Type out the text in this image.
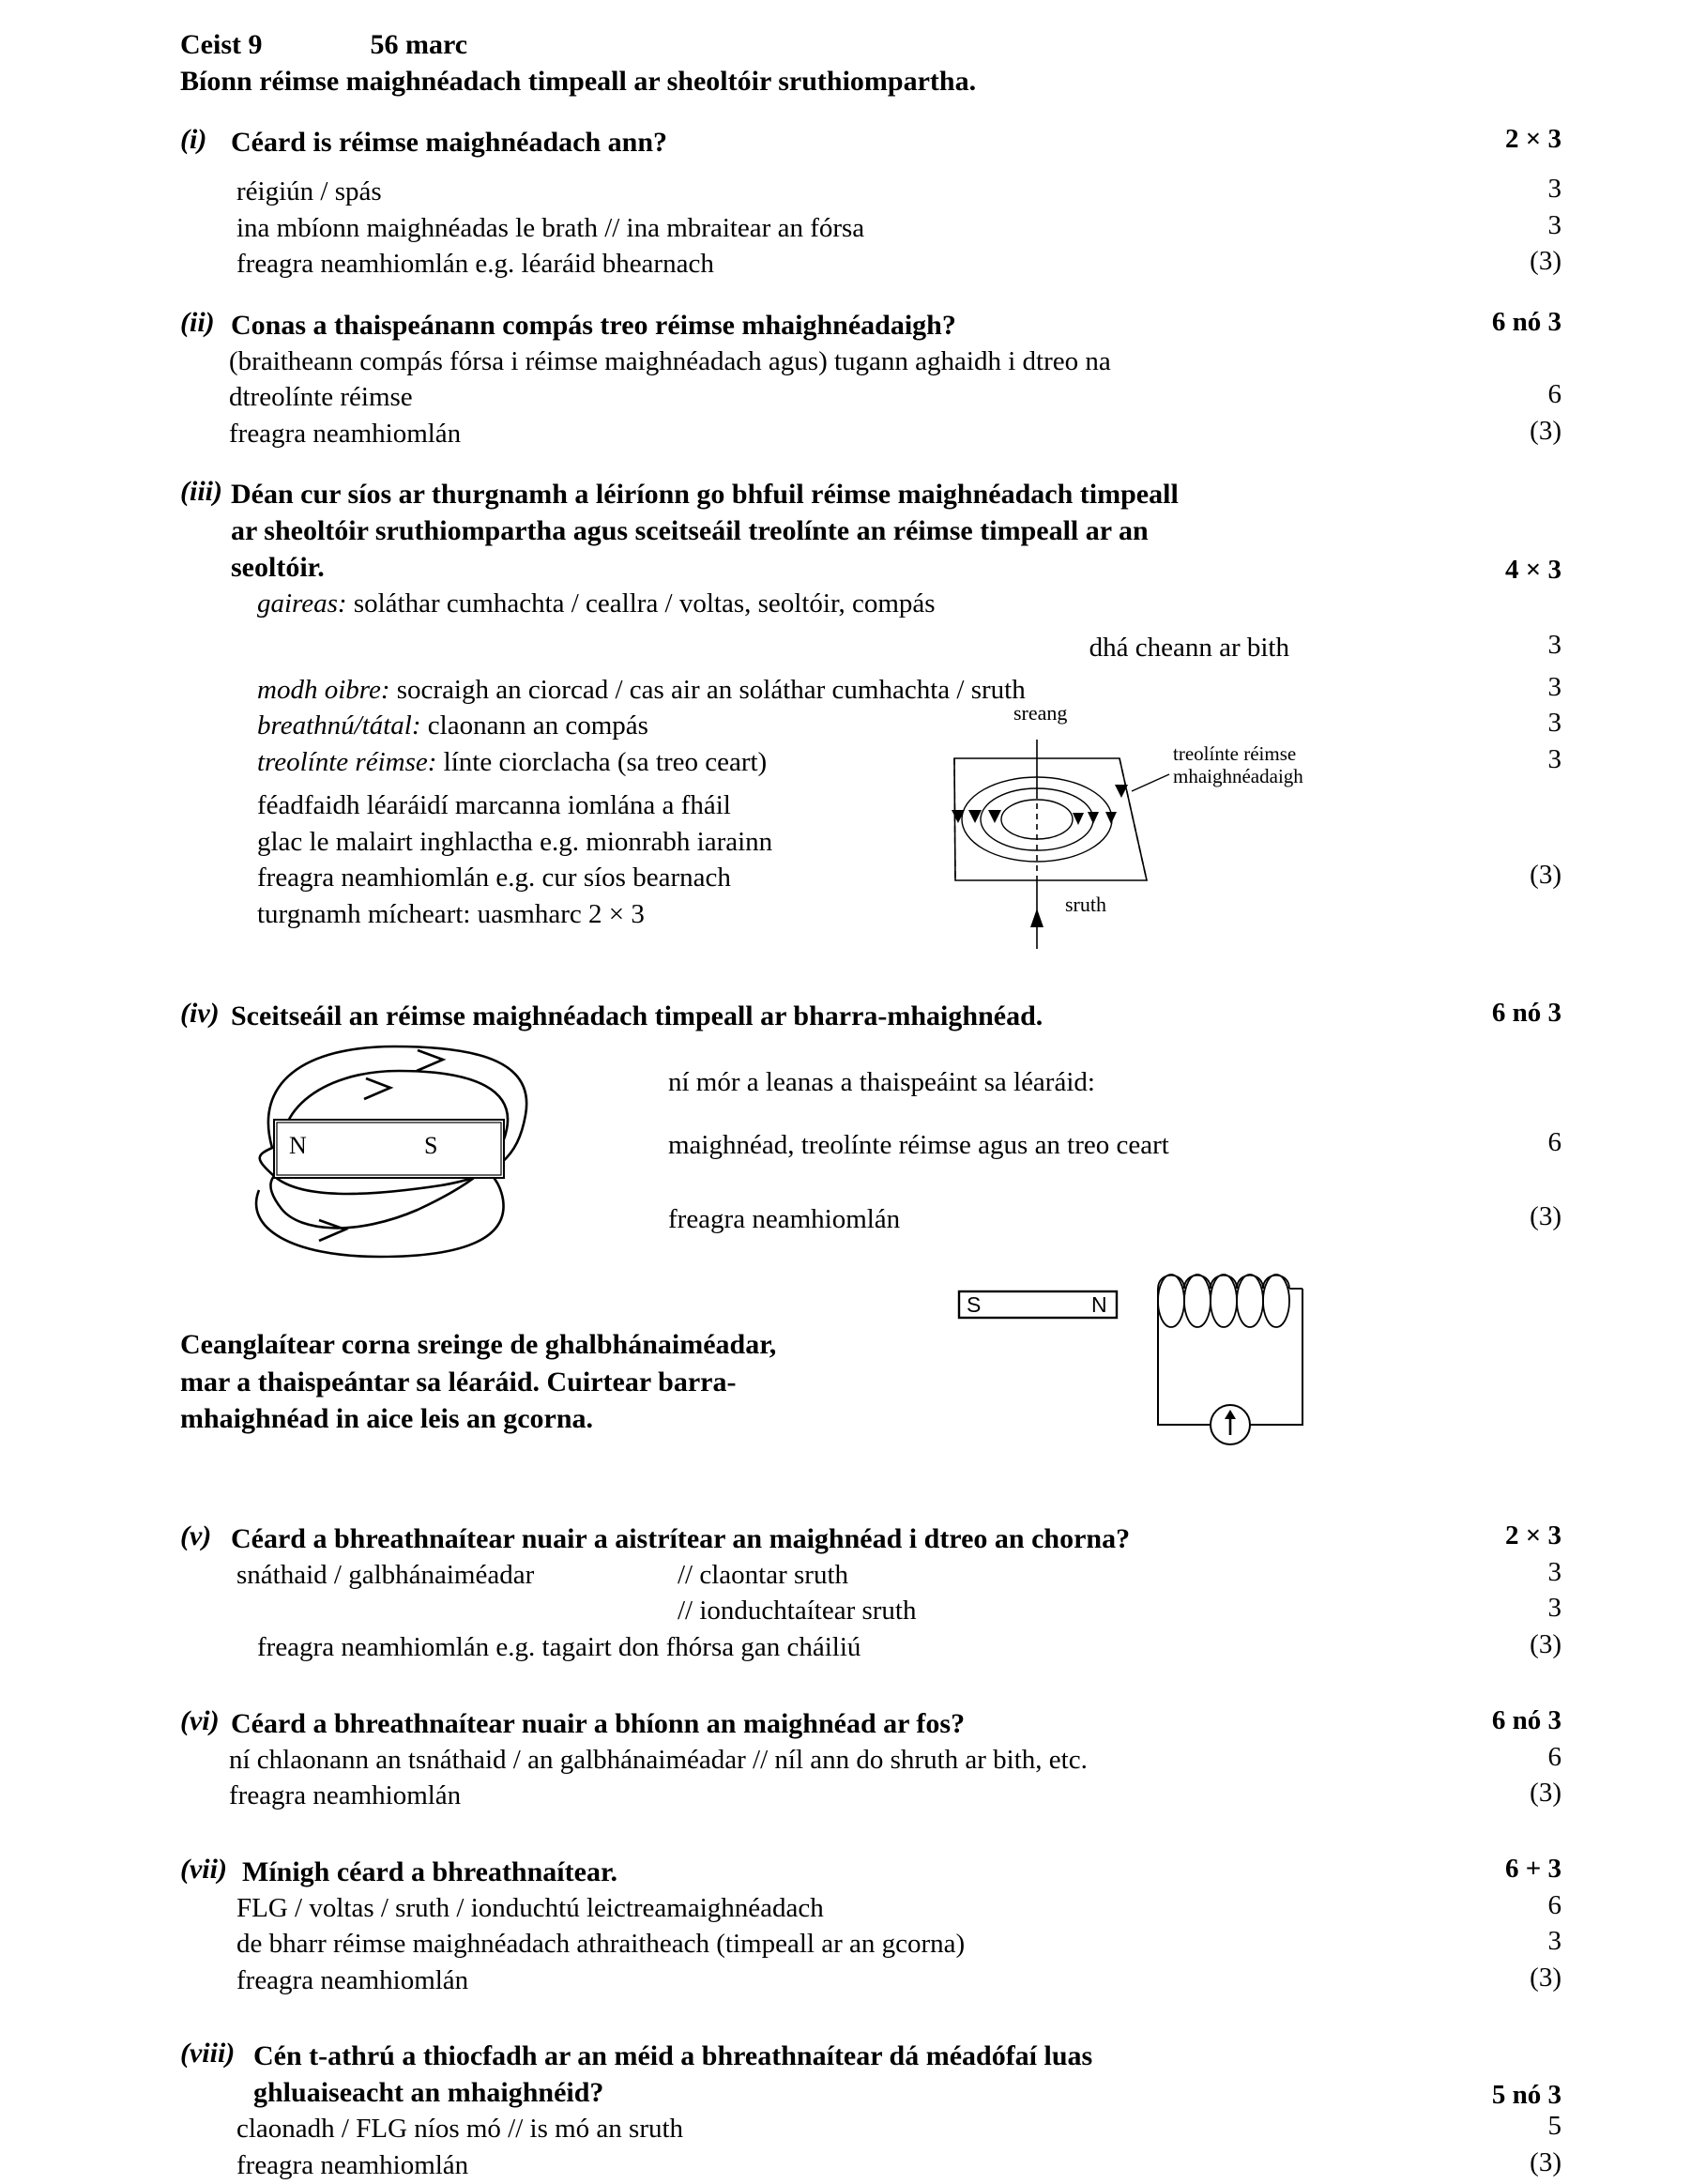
Ceist 9	56 marc
Bíonn réimse maighnéadach timpeall ar sheoltóir sruthiompartha.
(i) Céard is réimse maighnéadach ann?	2 × 3
réigiún / spás	3
ina mbíonn maighnéadas le brath // ina mbraitear an fórsa	3
freagra neamhiomlán e.g. léaráid bhearnach	(3)
(ii) Conas a thaispeánann compás treo réimse mhaighnéadaigh?	6 nó 3
(braitheann compás fórsa i réimse maighnéadach agus) tugann aghaidh i dtreo na
dtreolínte réimse	6
freagra neamhiomlán	(3)
(iii) Déan cur síos ar thurgnamh a léiríonn go bhfuil réimse maighnéadach timpeall
ar sheoltóir sruthiompartha agus sceitseáil treolínte an réimse timpeall ar an
seoltóir.	4 × 3
gaireas: soláthar cumhachta / ceallra / voltas, seoltóir, compás
dhá cheann ar bith	3
modh oibre: socraigh an ciorcad / cas air an soláthar cumhachta / sruth	3
breathnú/tátal: claonann an compás	3
treolínte réimse: línte ciorclacha (sa treo ceart)	3
féadfaidh léaráidí marcanna iomlána a fháil
glac le malairt inghlactha e.g. mionrabh iarainn
freagra neamhiomlán e.g. cur síos bearnach	(3)
turgnamh mícheart: uasmharc 2 × 3
(iv) Sceitseáil an réimse maighnéadach timpeall ar bharra-mhaighnéad.	6 nó 3
ní mór a leanas a thaispeáint sa léaráid:
maighnéad, treolínte réimse agus an treo ceart	6
freagra neamhiomlán	(3)
Ceanglaítear corna sreinge de ghalbhánaiméadar,
mar a thaispeántar sa léaráid. Cuirtear barra-
mhaighnéad in aice leis an gcorna.
(v) Céard a bhreathnaítear nuair a aistrítear an maighnéad i dtreo an chorna?	2 × 3
snáthaid / galbhánaiméadar	// claontar sruth	3
// ionduchtaítear sruth	3
freagra neamhiomlán e.g. tagairt don fhórsa gan cháiliú	(3)
(vi) Céard a bhreathnaítear nuair a bhíonn an maighnéad ar fos?	6 nó 3
ní chlaonann an tsnáthaid / an galbhánaiméadar // níl ann do shruth ar bith, etc.	6
freagra neamhiomlán	(3)
(vii) Mínigh céard a bhreathnaítear.	6 + 3
FLG / voltas / sruth / ionduchtú leictreamaighnéadach	6
de bharr réimse maighnéadach athraitheach (timpeall ar an gcorna)	3
freagra neamhiomlán	(3)
(viii) Cén t-athrú a thiocfadh ar an méid a bhreathnaítear dá méadófaí luas
ghluaiseacht an mhaighnéid?	5 nó 3
claonadh / FLG níos mó // is mó an sruth	5
freagra neamhiomlán	(3)
sreang
sruth
treolínte réimse
mhaighnéadaigh
N	S
S	N
